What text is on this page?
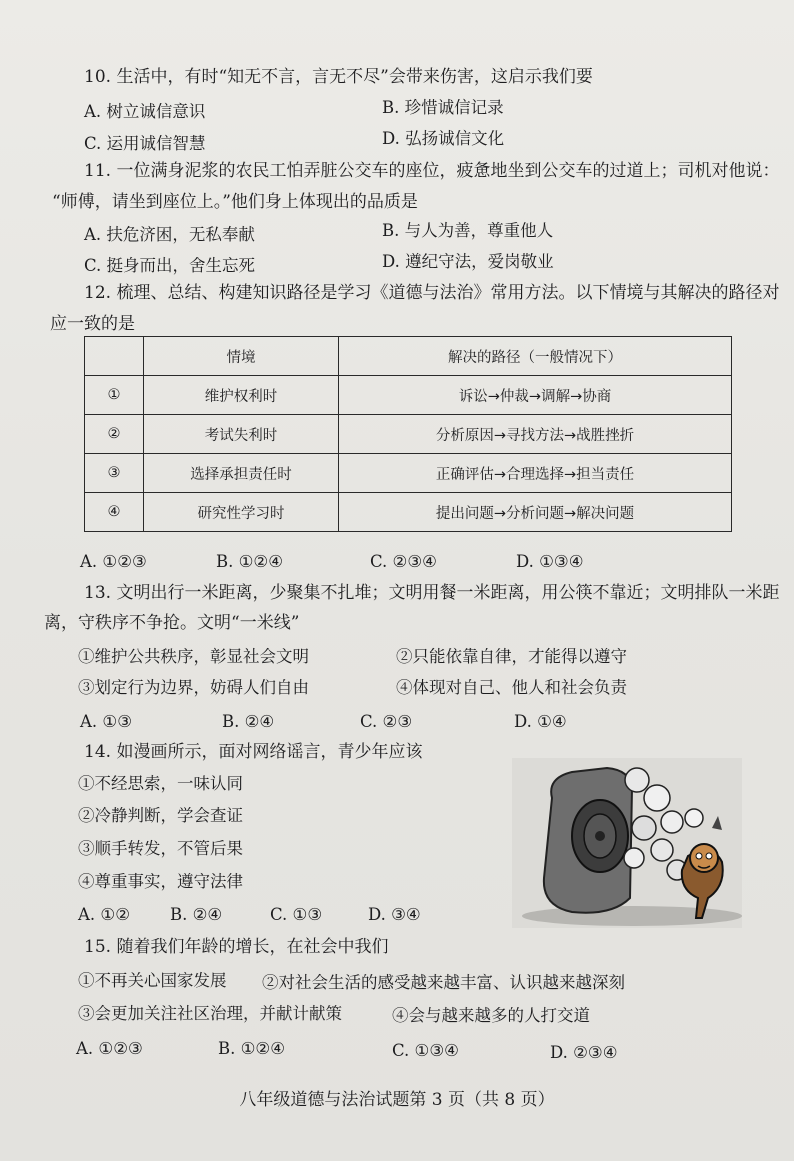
10. 生活中，有时“知无不言，言无不尽”会带来伤害，这启示我们要
A. 树立诚信意识	B. 珍惜诚信记录
C. 运用诚信智慧	D. 弘扬诚信文化
11. 一位满身泥浆的农民工怕弄脏公交车的座位，疲惫地坐到公交车的过道上；司机对他说：
“师傅，请坐到座位上。”他们身上体现出的品质是
A. 扶危济困，无私奉献	B. 与人为善，尊重他人
C. 挺身而出，舍生忘死	D. 遵纪守法，爱岗敬业
12. 梳理、总结、构建知识路径是学习《道德与法治》常用方法。以下情境与其解决的路径对
应一致的是
	情境	解决的路径（一般情况下）
①	维护权利时	诉讼→仲裁→调解→协商
②	考试失利时	分析原因→寻找方法→战胜挫折
③	选择承担责任时	正确评估→合理选择→担当责任
④	研究性学习时	提出问题→分析问题→解决问题
A. ①②③	B. ①②④	C. ②③④	D. ①③④
13. 文明出行一米距离，少聚集不扎堆；文明用餐一米距离，用公筷不靠近；文明排队一米距
离，守秩序不争抢。文明“一米线”
①维护公共秩序，彰显社会文明	②只能依靠自律，才能得以遵守
③划定行为边界，妨碍人们自由	④体现对自己、他人和社会负责
A. ①③	B. ②④	C. ②③	D. ①④
14. 如漫画所示，面对网络谣言，青少年应该
①不经思索，一味认同
②冷静判断，学会查证
③顺手转发，不管后果
④尊重事实，遵守法律
A. ①② B. ②④	C. ①③	D. ③④
15. 随着我们年龄的增长，在社会中我们
①不再关心国家发展 ②对社会生活的感受越来越丰富、认识越来越深刻
③会更加关注社区治理，并献计献策	④会与越来越多的人打交道
A. ①②③	B. ①②④	C. ①③④	D. ②③④
八年级道德与法治试题第 3 页（共 8 页）
